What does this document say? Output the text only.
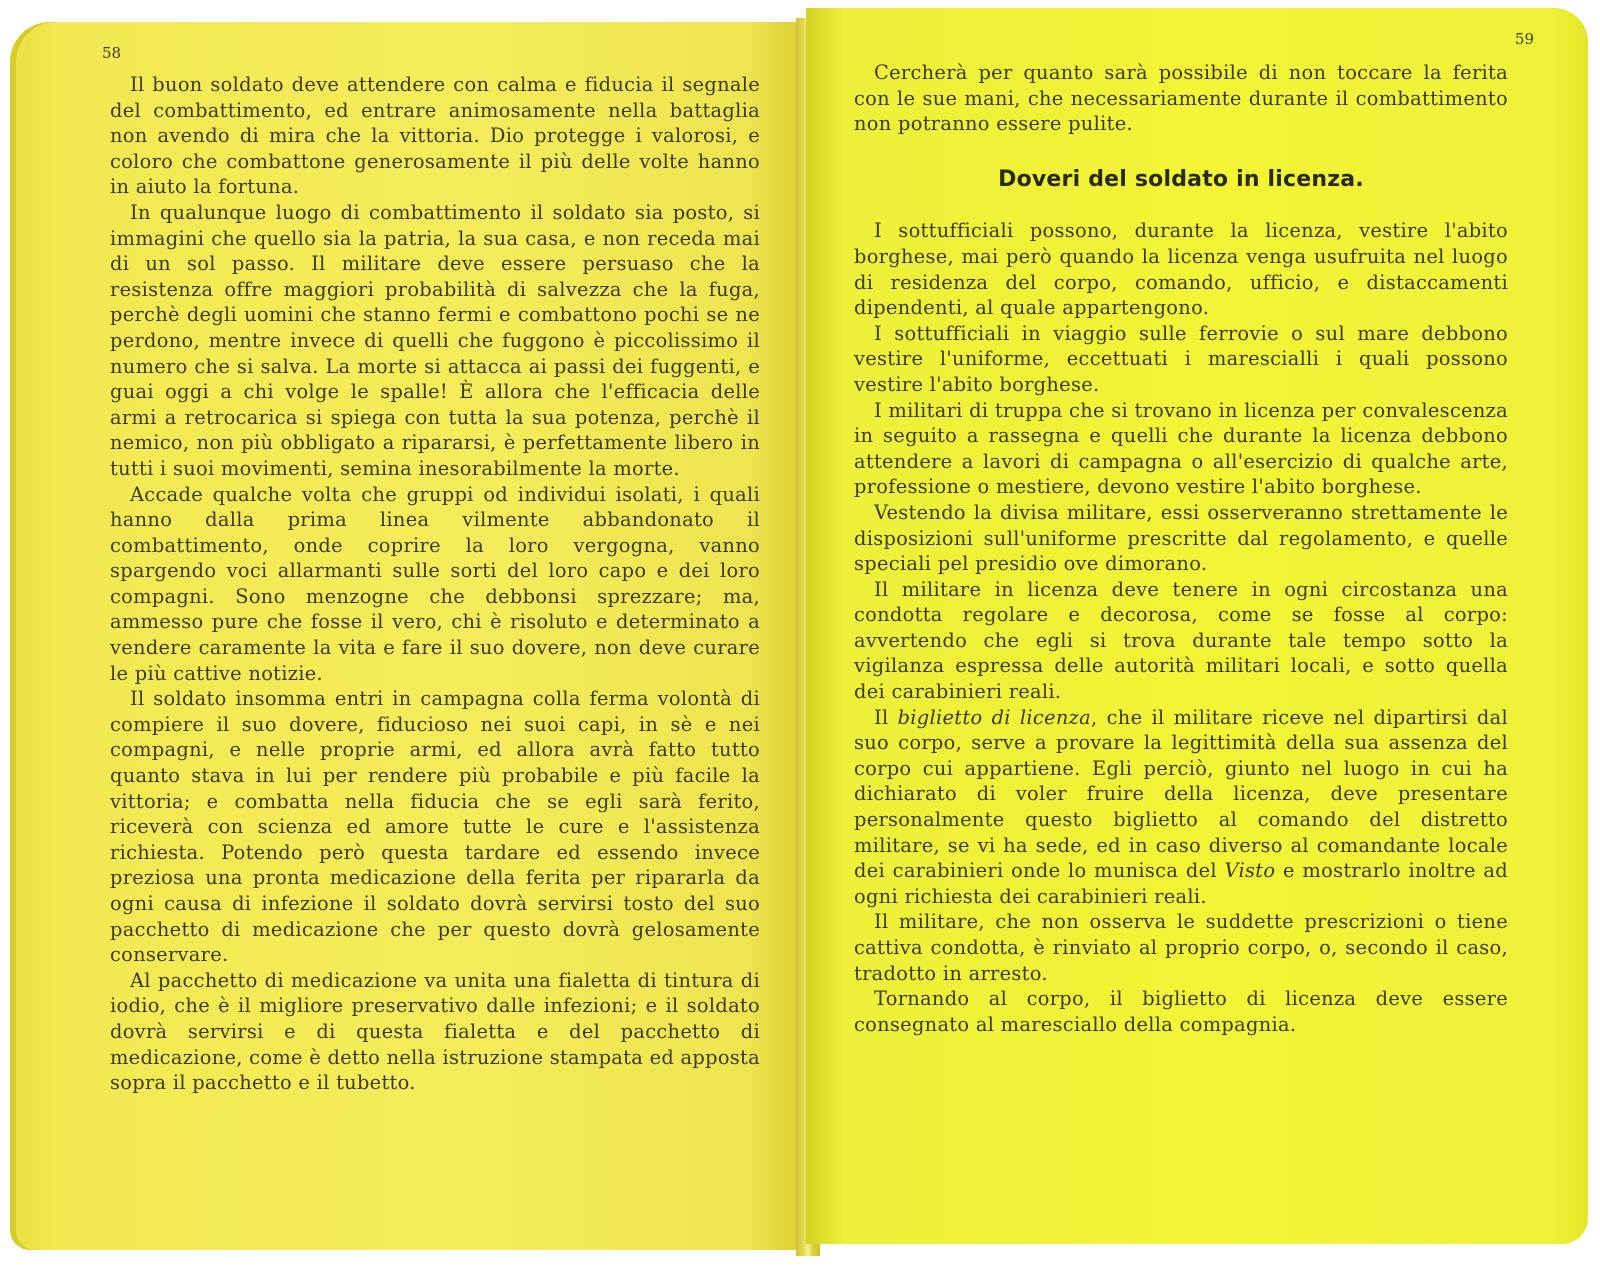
58

Il buon soldato deve attendere con calma e fiducia il segnale del combattimento, ed entrare animosamente nella battaglia non avendo di mira che la vittoria. Dio protegge i valorosi, e coloro che combattone generosamente il più delle volte hanno in aiuto la fortuna.

In qualunque luogo di combattimento il soldato sia posto, si immagini che quello sia la patria, la sua casa, e non receda mai di un sol passo. Il militare deve essere persuaso che la resistenza offre maggiori probabilità di salvezza che la fuga, perchè degli uomini che stanno fermi e combattono pochi se ne perdono, mentre invece di quelli che fuggono è piccolissimo il numero che si salva. La morte si attacca ai passi dei fuggenti, e guai oggi a chi volge le spalle! È allora che l'efficacia delle armi a retrocarica si spiega con tutta la sua potenza, perchè il nemico, non più obbligato a ripararsi, è perfettamente libero in tutti i suoi movimenti, semina inesorabilmente la morte.

Accade qualche volta che gruppi od individui isolati, i quali hanno dalla prima linea vilmente abbandonato il combattimento, onde coprire la loro vergogna, vanno spargendo voci allarmanti sulle sorti del loro capo e dei loro compagni. Sono menzogne che debbonsi sprezzare; ma, ammesso pure che fosse il vero, chi è risoluto e determinato a vendere caramente la vita e fare il suo dovere, non deve curare le più cattive notizie.

Il soldato insomma entri in campagna colla ferma volontà di compiere il suo dovere, fiducioso nei suoi capi, in sè e nei compagni, e nelle proprie armi, ed allora avrà fatto tutto quanto stava in lui per rendere più probabile e più facile la vittoria; e combatta nella fiducia che se egli sarà ferito, riceverà con scienza ed amore tutte le cure e l'assistenza richiesta. Potendo però questa tardare ed essendo invece preziosa una pronta medicazione della ferita per ripararla da ogni causa di infezione il soldato dovrà servirsi tosto del suo pacchetto di medicazione che per questo dovrà gelosamente conservare.

Al pacchetto di medicazione va unita una fialetta di tintura di iodio, che è il migliore preservativo dalle infezioni; e il soldato dovrà servirsi e di questa fialetta e del pacchetto di medicazione, come è detto nella istruzione stampata ed apposta sopra il pacchetto e il tubetto.

59

Cercherà per quanto sarà possibile di non toccare la ferita con le sue mani, che necessariamente durante il combattimento non potranno essere pulite.

Doveri del soldato in licenza.

I sottufficiali possono, durante la licenza, vestire l'abito borghese, mai però quando la licenza venga usufruita nel luogo di residenza del corpo, comando, ufficio, e distaccamenti dipendenti, al quale appartengono.

I sottufficiali in viaggio sulle ferrovie o sul mare debbono vestire l'uniforme, eccettuati i marescialli i quali possono vestire l'abito borghese.

I militari di truppa che si trovano in licenza per convalescenza in seguito a rassegna e quelli che durante la licenza debbono attendere a lavori di campagna o all'esercizio di qualche arte, professione o mestiere, devono vestire l'abito borghese.

Vestendo la divisa militare, essi osserveranno strettamente le disposizioni sull'uniforme prescritte dal regolamento, e quelle speciali pel presidio ove dimorano.

Il militare in licenza deve tenere in ogni circostanza una condotta regolare e decorosa, come se fosse al corpo: avvertendo che egli si trova durante tale tempo sotto la vigilanza espressa delle autorità militari locali, e sotto quella dei carabinieri reali.

Il biglietto di licenza, che il militare riceve nel dipartirsi dal suo corpo, serve a provare la legittimità della sua assenza del corpo cui appartiene. Egli perciò, giunto nel luogo in cui ha dichiarato di voler fruire della licenza, deve presentare personalmente questo biglietto al comando del distretto militare, se vi ha sede, ed in caso diverso al comandante locale dei carabinieri onde lo munisca del Visto e mostrarlo inoltre ad ogni richiesta dei carabinieri reali.

Il militare, che non osserva le suddette prescrizioni o tiene cattiva condotta, è rinviato al proprio corpo, o, secondo il caso, tradotto in arresto.

Tornando al corpo, il biglietto di licenza deve essere consegnato al maresciallo della compagnia.
